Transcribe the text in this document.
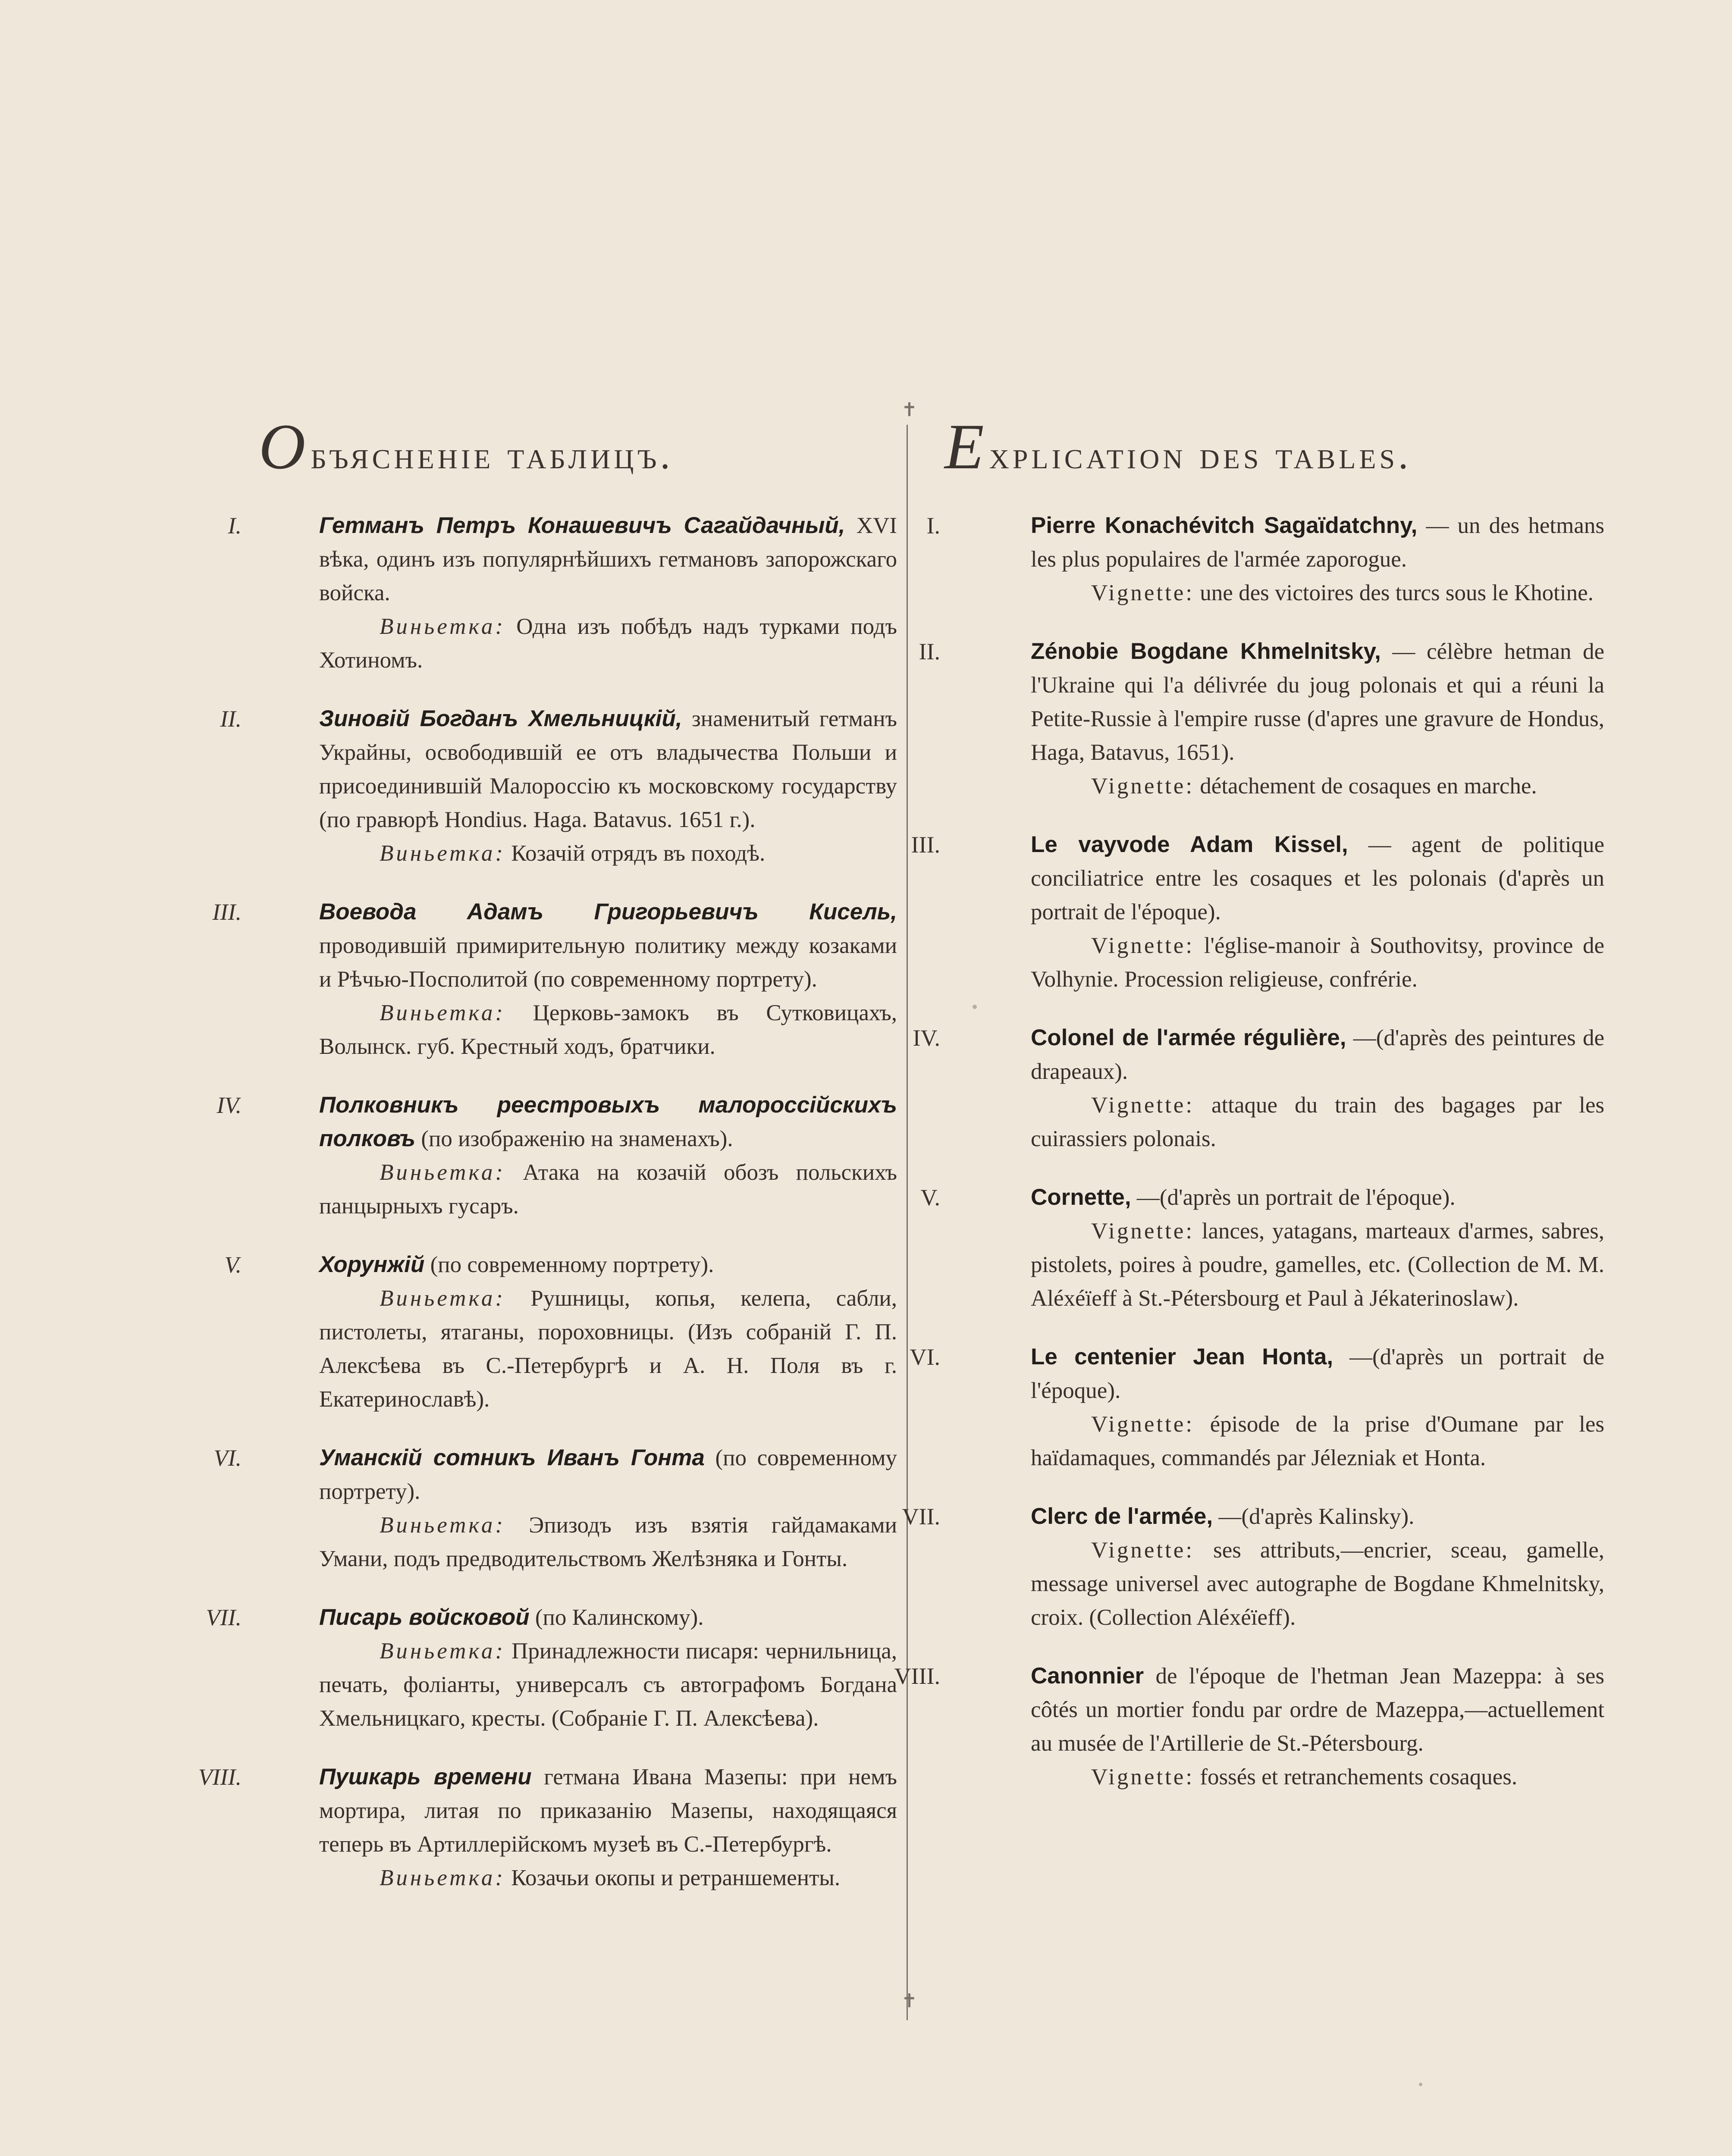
Объясненіе таблицъ.	Explication des tables.
✝
✝
I.	Гетманъ Петръ Конашевичъ Сагайдачный, XVI вѣка, одинъ изъ популярнѣйшихъ гетмановъ запорожскаго войска.
Виньетка: Одна изъ побѣдъ надъ турками подъ Хотиномъ.
II.	Зиновій Богданъ Хмельницкій, знаменитый гетманъ Украйны, освободившій ее отъ владычества Польши и присоединившій Малороссію къ московскому государству (по гравюрѣ Hondius. Haga. Batavus. 1651 г.).
Виньетка: Козачій отрядъ въ походѣ.
III.	Воевода Адамъ Григорьевичъ Кисель, проводившій примирительную политику между козаками и Рѣчью-Посполитой (по современному портрету).
Виньетка: Церковь-замокъ въ Сутковицахъ, Волынск. губ. Крестный ходъ, братчики.
IV.	Полковникъ реестровыхъ малороссійскихъ полковъ (по изображенію на знаменахъ).
Виньетка: Атака на козачій обозъ польскихъ панцырныхъ гусаръ.
V.	Хорунжій (по современному портрету).
Виньетка: Рушницы, копья, келепа, сабли, пистолеты, ятаганы, пороховницы. (Изъ собраній Г. П. Алексѣева въ С.-Петербургѣ и А. Н. Поля въ г. Екатеринославѣ).
VI.	Уманскій сотникъ Иванъ Гонта (по современному портрету).
Виньетка: Эпизодъ изъ взятія гайдамаками Умани, подъ предводительствомъ Желѣзняка и Гонты.
VII.	Писарь войсковой (по Калинскому).
Виньетка: Принадлежности писаря: чернильница, печать, фоліанты, универсалъ съ автографомъ Богдана Хмельницкаго, кресты. (Собраніе Г. П. Алексѣева).
VIII.	Пушкарь времени гетмана Ивана Мазепы: при немъ мортира, литая по приказанію Мазепы, находящаяся теперь въ Артиллерійскомъ музеѣ въ С.-Петербургѣ.
Виньетка: Козачьи окопы и ретраншементы.
I.	Pierre Konachévitch Sagaïdatchny, — un des hetmans les plus populaires de l'armée zaporogue.
Vignette: une des victoires des turcs sous le Khotine.
II.	Zénobie Bogdane Khmelnitsky, — célèbre hetman de l'Ukraine qui l'a délivrée du joug polonais et qui a réuni la Petite-Russie à l'empire russe (d'apres une gravure de Hondus, Haga, Batavus, 1651).
Vignette: détachement de cosaques en marche.
III.	Le vayvode Adam Kissel, — agent de politique conciliatrice entre les cosaques et les polonais (d'après un portrait de l'époque).
Vignette: l'église-manoir à Southovitsy, province de Volhynie. Procession religieuse, confrérie.
IV.	Colonel de l'armée régulière, —(d'après des peintures de drapeaux).
Vignette: attaque du train des bagages par les cuirassiers polonais.
V.	Cornette, —(d'après un portrait de l'époque).
Vignette: lances, yatagans, marteaux d'armes, sabres, pistolets, poires à poudre, gamelles, etc. (Collection de M. M. Aléxéïeff à St.-Pétersbourg et Paul à Jékaterinoslaw).
VI.	Le centenier Jean Honta, —(d'après un portrait de l'époque).
Vignette: épisode de la prise d'Oumane par les haïdamaques, commandés par Jélezniak et Honta.
VII.	Clerc de l'armée, —(d'après Kalinsky).
Vignette: ses attributs,—encrier, sceau, gamelle, message universel avec autographe de Bogdane Khmelnitsky, croix. (Collection Aléxéïeff).
VIII.	Canonnier de l'époque de l'hetman Jean Mazeppa: à ses côtés un mortier fondu par ordre de Mazeppa,—actuellement au musée de l'Artillerie de St.-Pétersbourg.
Vignette: fossés et retranchements cosaques.
